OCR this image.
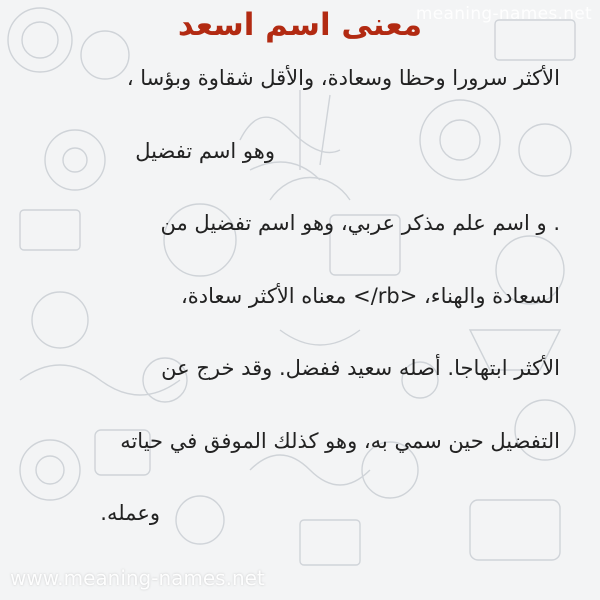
معنى اسم اسعد
meaning-names.net
الأكثر سرورا وحظا وسعادة، والأقل شقاوة وبؤسا ،
وهو اسم تفضيل
. و اسم علم مذكر عربي، وهو اسم تفضيل من
السعادة والهناء، <rb/> معناه الأكثر سعادة،
الأكثر ابتهاجا. أصله سعيد ففضل. وقد خرج عن
التفضيل حين سمي به، وهو كذلك الموفق في حياته
وعمله.
www.meaning-names.net
